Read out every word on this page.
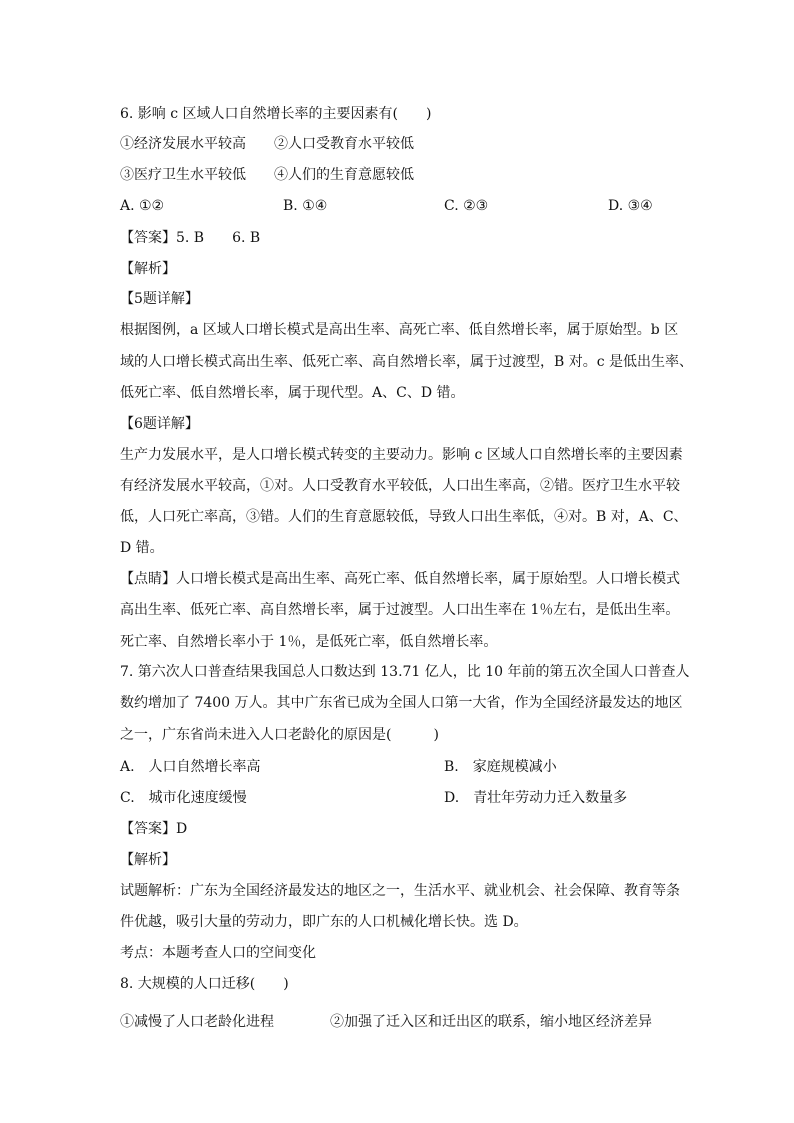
6. 影响 c 区域人口自然增长率的主要因素有(　　)
①经济发展水平较高　　②人口受教育水平较低
③医疗卫生水平较低　　④人们的生育意愿较低
A. ①②	B. ①④	C. ②③	D. ③④
【答案】5. B　　6. B
【解析】
【5题详解】
根据图例，a 区域人口增长模式是高出生率、高死亡率、低自然增长率，属于原始型。b 区
域的人口增长模式高出生率、低死亡率、高自然增长率，属于过渡型，B 对。c 是低出生率、
低死亡率、低自然增长率，属于现代型。A、C、D 错。
【6题详解】
生产力发展水平，是人口增长模式转变的主要动力。影响 c 区域人口自然增长率的主要因素
有经济发展水平较高，①对。人口受教育水平较低，人口出生率高，②错。医疗卫生水平较
低，人口死亡率高，③错。人们的生育意愿较低，导致人口出生率低，④对。B 对，A、C、
D 错。
【点睛】人口增长模式是高出生率、高死亡率、低自然增长率，属于原始型。人口增长模式
高出生率、低死亡率、高自然增长率，属于过渡型。人口出生率在 1％左右，是低出生率。
死亡率、自然增长率小于 1％，是低死亡率，低自然增长率。
7. 第六次人口普查结果我国总人口数达到 13.71 亿人，比 10 年前的第五次全国人口普查人
数约增加了 7400 万人。其中广东省已成为全国人口第一大省，作为全国经济最发达的地区
之一，广东省尚未进入人口老龄化的原因是(　　　)
A.　人口自然增长率高	B.　家庭规模减小
C.　城市化速度缓慢	D.　青壮年劳动力迁入数量多
【答案】D
【解析】
试题解析：广东为全国经济最发达的地区之一，生活水平、就业机会、社会保障、教育等条
件优越，吸引大量的劳动力，即广东的人口机械化增长快。选 D。
考点：本题考查人口的空间变化
8. 大规模的人口迁移(　　)
①减慢了人口老龄化进程	②加强了迁入区和迁出区的联系，缩小地区经济差异
